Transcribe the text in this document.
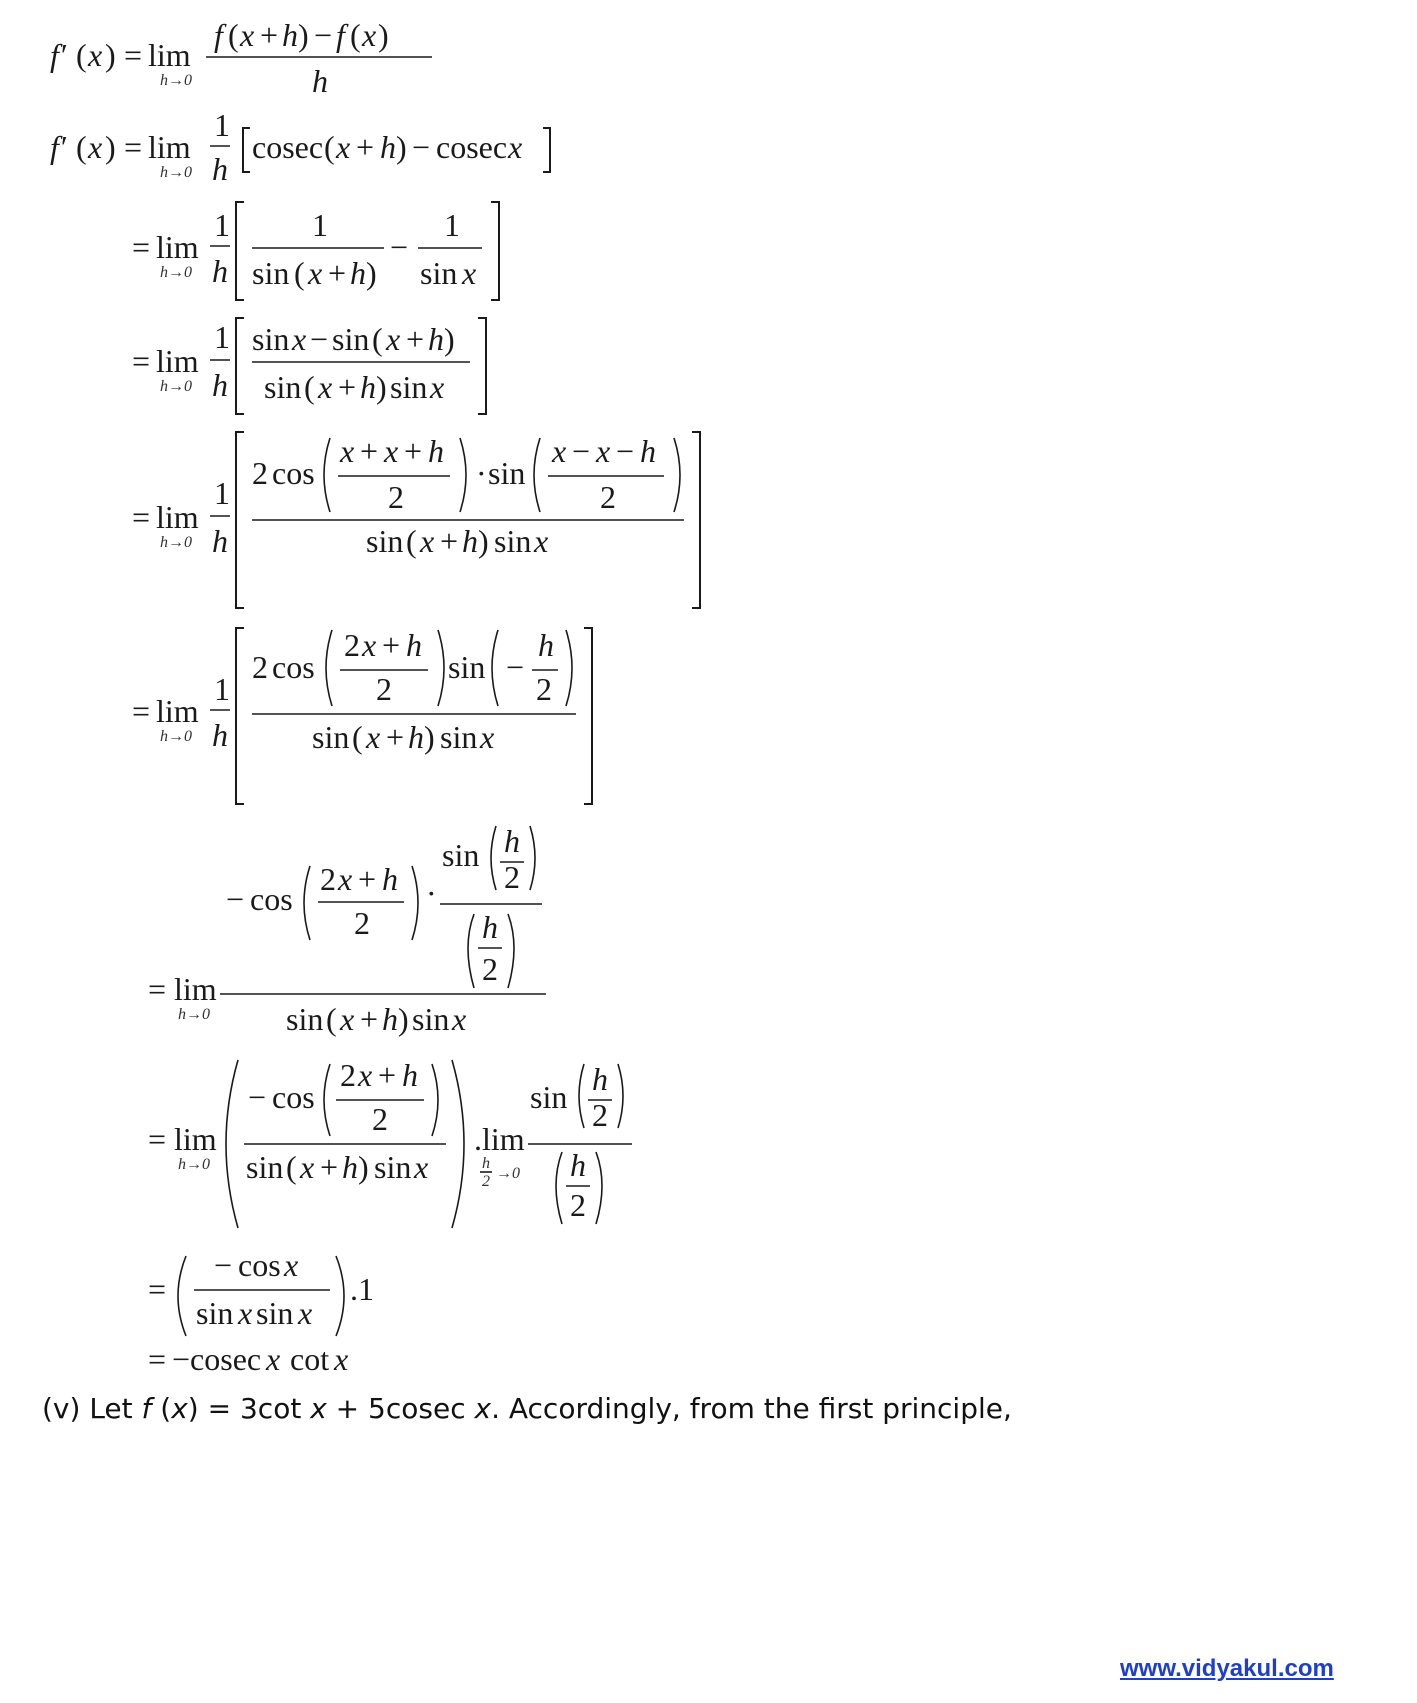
f′ ( x ) = lim
h→0
f ( x + h ) − f ( x )
h
f′ ( x ) = lim
h→0
1
h
cosec ( x + h ) − cosec x
= lim
h→0
1
h
1
sin ( x + h )
−
1
sin x
= lim
h→0
1
h
sin x − sin ( x + h )
sin ( x + h ) sin x
= lim
h→0
1
h
2 cos
x + x + h
2
· sin
x − x − h
2
sin ( x + h ) sin x
= lim
h→0
1
h
2 cos
2 x + h
2
sin −
h
2
sin ( x + h ) sin x
− cos
2 x + h
2
·
sin h
2
h
2
= lim
h→0 sin ( x + h ) sin x
= lim
h→0
− cos
2 x + h
2
sin ( x + h ) sin x
.lim
h
2 →0
sin h
2
h
2
=
− cos x
sin x sin x
.1
= −cosec x cot x
(v) Let f (x) = 3cot x + 5cosec x. Accordingly, from the first principle,
www.vidyakul.com
